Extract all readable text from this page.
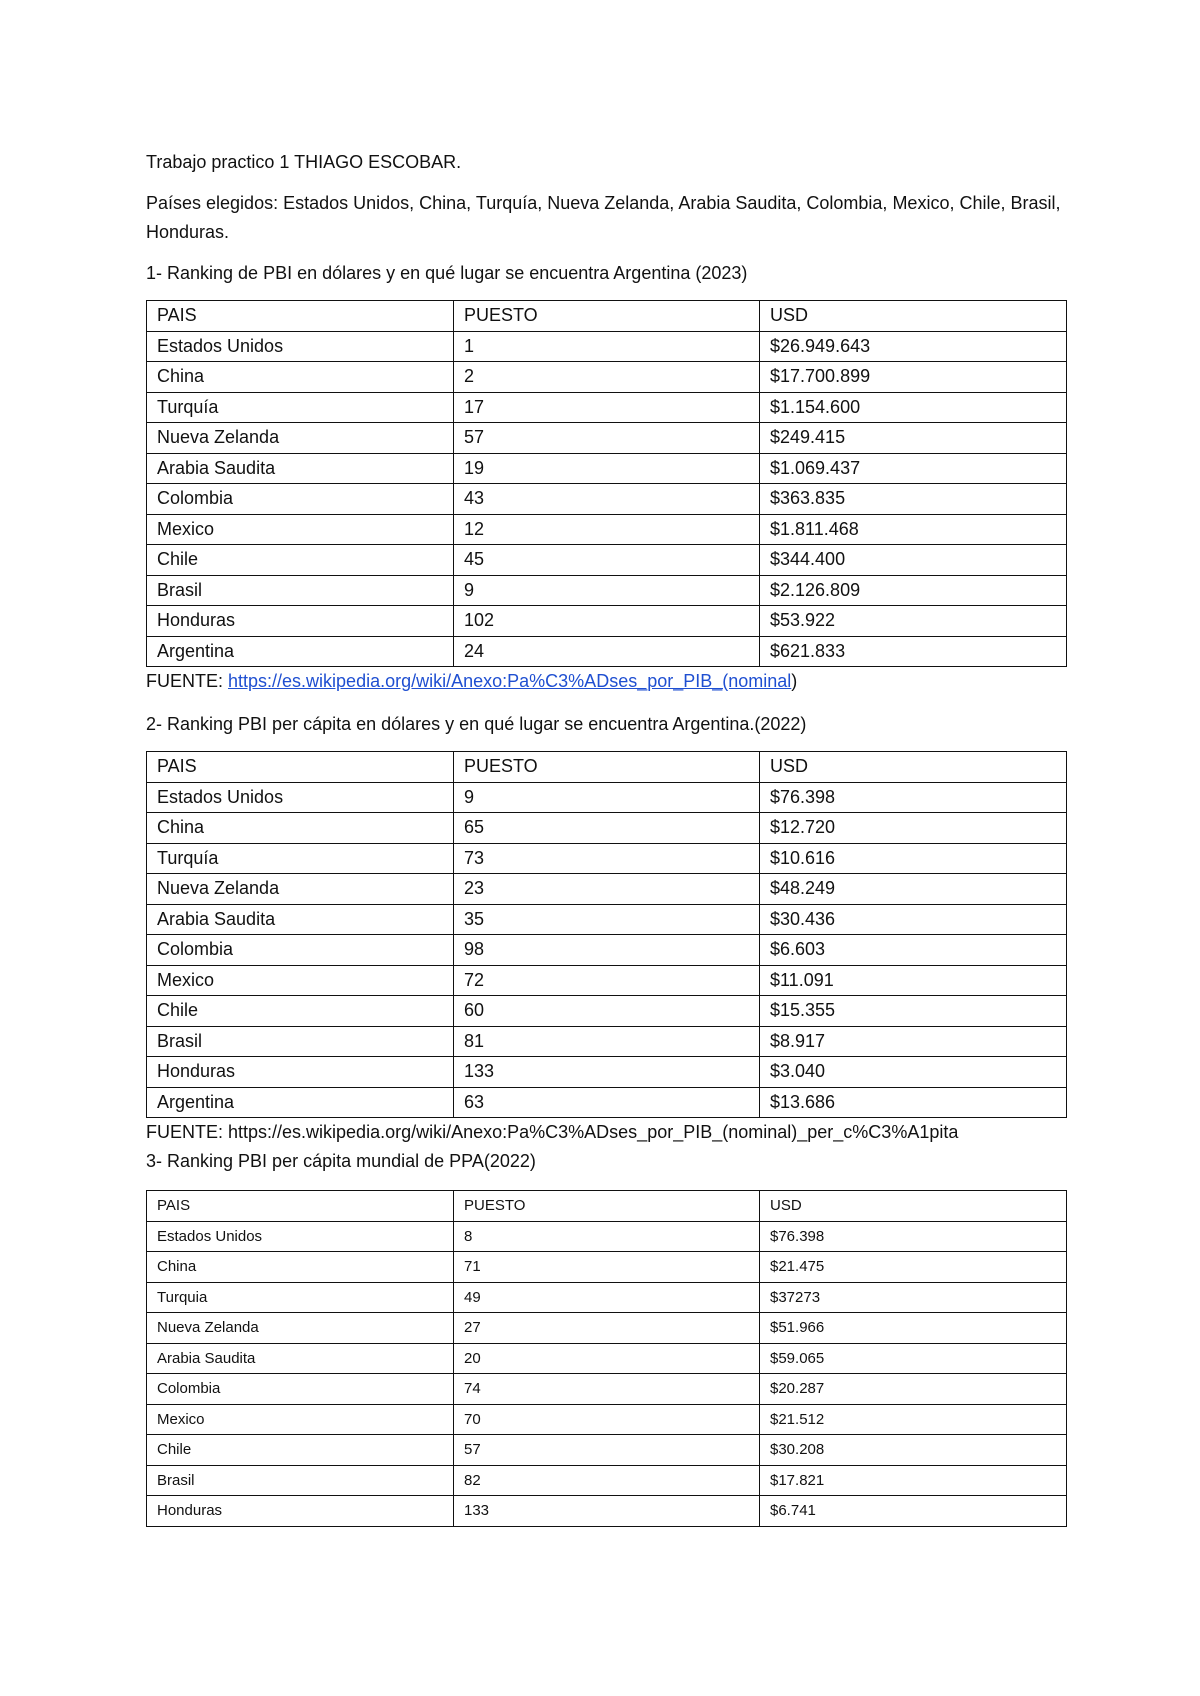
Trabajo practico 1 THIAGO ESCOBAR.

Países elegidos: Estados Unidos, China, Turquía, Nueva Zelanda, Arabia Saudita, Colombia, Mexico, Chile, Brasil, Honduras.

1- Ranking de PBI en dólares y en qué lugar se encuentra Argentina (2023)

PAIS	PUESTO	USD
Estados Unidos	1	$26.949.643
China	2	$17.700.899
Turquía	17	$1.154.600
Nueva Zelanda	57	$249.415
Arabia Saudita	19	$1.069.437
Colombia	43	$363.835
Mexico	12	$1.811.468
Chile	45	$344.400
Brasil	9	$2.126.809
Honduras	102	$53.922
Argentina	24	$621.833

FUENTE: https://es.wikipedia.org/wiki/Anexo:Pa%C3%ADses_por_PIB_(nominal)

2- Ranking PBI per cápita en dólares y en qué lugar se encuentra Argentina.(2022)

PAIS	PUESTO	USD
Estados Unidos	9	$76.398
China	65	$12.720
Turquía	73	$10.616
Nueva Zelanda	23	$48.249
Arabia Saudita	35	$30.436
Colombia	98	$6.603
Mexico	72	$11.091
Chile	60	$15.355
Brasil	81	$8.917
Honduras	133	$3.040
Argentina	63	$13.686

FUENTE: https://es.wikipedia.org/wiki/Anexo:Pa%C3%ADses_por_PIB_(nominal)_per_c%C3%A1pita

3- Ranking PBI per cápita mundial de PPA(2022)

PAIS	PUESTO	USD
Estados Unidos	8	$76.398
China	71	$21.475
Turquia	49	$37273
Nueva Zelanda	27	$51.966
Arabia Saudita	20	$59.065
Colombia	74	$20.287
Mexico	70	$21.512
Chile	57	$30.208
Brasil	82	$17.821
Honduras	133	$6.741
